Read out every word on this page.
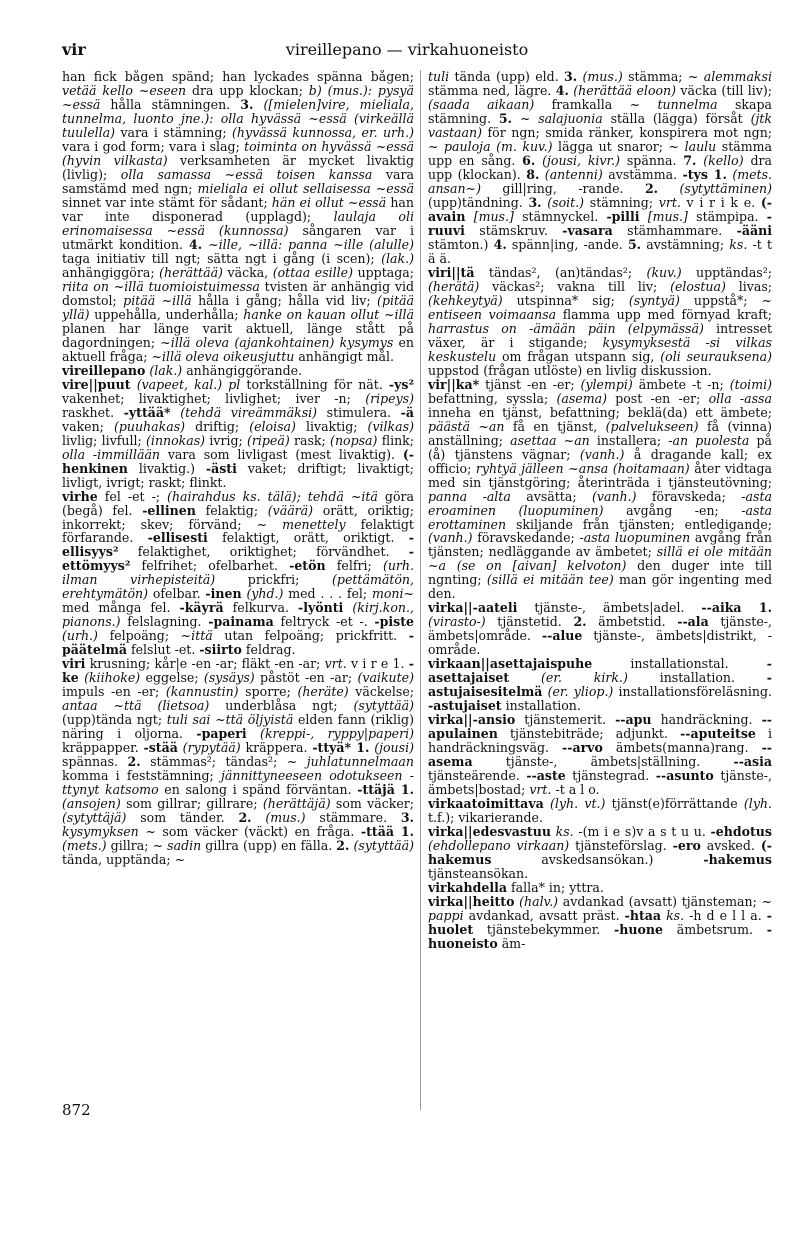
vir	vireillepano — virkahuoneisto

han fick bågen spänd; han lyckades spänna bågen; vetää kello ~eseen dra upp klockan; b) (mus.): pysyä ~essä hålla stämningen. 3. ([mielen]vire, mieliala, tunnelma, luonto jne.): olla hyvässä ~essä (virkeällä tuulella) vara i stämning; (hyvässä kunnossa, er. urh.) vara i god form; vara i slag; toiminta on hyvässä ~essä (hyvin vilkasta) verksamheten är mycket livaktig (livlig); olla samassa ~essä toisen kanssa vara samstämd med ngn; mieliala ei ollut sellaisessa ~essä sinnet var inte stämt för sådant; hän ei ollut ~essä han var inte disponerad (upplagd); laulaja oli erinomaisessa ~essä (kunnossa) sångaren var i utmärkt kondition. 4. ~ille, ~illä: panna ~ille (alulle) taga initiativ till ngt; sätta ngt i gång (i scen); (lak.) anhängiggöra; (herättää) väcka, (ottaa esille) upptaga; riita on ~illä tuomioistuimessa tvisten är anhängig vid domstol; pitää ~illä hålla i gång; hålla vid liv; (pitää yllä) uppehålla, underhålla; hanke on kauan ollut ~illä planen har länge varit aktuell, länge stått på dagordningen; ~illä oleva (ajankohtainen) kysymys en aktuell fråga; ~illä oleva oikeusjuttu anhängigt mål.

vireillepano (lak.) anhängiggörande.

vire||puut (vapeet, kal.) pl torkställning för nät. -ys² vakenhet; livaktighet; livlighet; iver -n; (ripeys) raskhet. -yttää* (tehdä vireämmäksi) stimulera. -ä vaken; (puuhakas) driftig; (eloisa) livaktig; (vilkas) livlig; livfull; (innokas) ivrig; (ripeä) rask; (nopsa) flink; olla -immillään vara som livligast (mest livaktig). (-henkinen livaktig.) -ästi vaket; driftigt; livaktigt; livligt, ivrigt; raskt; flinkt.

virhe fel -et -; (hairahdus ks. tälä); tehdä ~itä göra (begå) fel. -ellinen felaktig; (väärä) orätt, oriktig; inkorrekt; skev; förvänd; ~ menettely felaktigt förfarande. -ellisesti felaktigt, orätt, oriktigt. -ellisyys² felaktighet, oriktighet; förvändhet. -ettömyys² felfrihet; ofelbarhet. -etön felfri; (urh. ilman virhepisteitä) prickfri; (pettämätön, erehtymätön) ofelbar. -inen (yhd.) med . . . fel; moni~ med många fel. -käyrä felkurva. -lyönti (kirj.kon., pianons.) felslagning. -painama feltryck -et -. -piste (urh.) felpoäng; ~ittä utan felpoäng; prickfritt. -päätelmä felslut -et. -siirto feldrag.

viri krusning; kår|e -en -ar; fläkt -en -ar; vrt. v i r e 1. -ke (kiihoke) eggelse; (sysäys) påstöt -en -ar; (vaikute) impuls -en -er; (kannustin) sporre; (heräte) väckelse; antaa ~ttä (lietsoa) underblåsa ngt; (sytyttää) (upp)tända ngt; tuli sai ~ttä öljyistä elden fann (riklig) näring i oljorna. -paperi (kreppi-, ryppy|paperi) kräppapper. -stää (rypytää) kräppera. -ttyä* 1. (jousi) spännas. 2. stämmas²; tändas²; ~ juhlatunnelmaan komma i feststämning; jännittyneeseen odotukseen -ttynyt katsomo en salong i spänd förväntan. -ttäjä 1. (ansojen) som gillrar; gillrare; (herättäjä) som väcker; (sytyttäjä) som tänder. 2. (mus.) stämmare. 3. kysymyksen ~ som väcker (väckt) en fråga. -ttää 1. (mets.) gillra; ~ sadin gillra (upp) en fälla. 2. (sytyttää) tända, upptända; ~

tuli tända (upp) eld. 3. (mus.) stämma; ~ alemmaksi stämma ned, lägre. 4. (herättää eloon) väcka (till liv); (saada aikaan) framkalla ~ tunnelma skapa stämning. 5. ~ salajuonia ställa (lägga) försåt (jtk vastaan) för ngn; smida ränker, konspirera mot ngn; ~ pauloja (m. kuv.) lägga ut snaror; ~ laulu stämma upp en sång. 6. (jousi, kivr.) spänna. 7. (kello) dra upp (klockan). 8. (antenni) avstämma. -tys 1. (mets. ansan~) gill|ring, -rande. 2. (sytyttäminen) (upp)tändning. 3. (soit.) stämning; vrt. v i r i k e. (-avain [mus.] stämnyckel. -pilli [mus.] stämpipa. -ruuvi stämskruv. -vasara stämhammare. -ääni stämton.) 4. spänn|ing, -ande. 5. avstämning; ks. -t t ä ä.

viri||tä tändas², (an)tändas²; (kuv.) upptändas²; (herätä) väckas²; vakna till liv; (elostua) livas; (kehkeytyä) utspinna* sig; (syntyä) uppstå*; ~ entiseen voimaansa flamma upp med förnyad kraft; harrastus on -ämään päin (elpymässä) intresset växer, är i stigande; kysymyksestä -si vilkas keskustelu om frågan utspann sig, (oli seurauksena) uppstod (frågan utlöste) en livlig diskussion.

vir||ka* tjänst -en -er; (ylempi) ämbete -t -n; (toimi) befattning, syssla; (asema) post -en -er; olla -assa inneha en tjänst, befattning; beklä(da) ett ämbete; päästä ~an få en tjänst, (palvelukseen) få (vinna) anställning; asettaa ~an installera; -an puolesta på (å) tjänstens vägnar; (vanh.) å dragande kall; ex officio; ryhtyä jälleen ~ansa (hoitamaan) åter vidtaga med sin tjänstgöring; återinträda i tjänsteutövning; panna -alta avsätta; (vanh.) föravskeda; -asta eroaminen (luopuminen) avgång -en; -asta erottaminen skiljande från tjänsten; entledigande; (vanh.) föravskedande; -asta luopuminen avgång från tjänsten; nedläggande av ämbetet; sillä ei ole mitään ~a (se on [aivan] kelvoton) den duger inte till ngnting; (sillä ei mitään tee) man gör ingenting med den.

virka||-aateli tjänste-, ämbets|adel. --aika 1. (virasto-) tjänstetid. 2. ämbetstid. --ala tjänste-, ämbets|område. --alue tjänste-, ämbets|distrikt, -område.

virkaan||asettajaispuhe installationstal. -asettajaiset	(er. kirk.) installation. -astujaisesitelmä (er. yliop.) installationsföreläsning. -astujaiset installation.

virka||-ansio tjänstemerit. --apu handräckning. --apulainen tjänstebiträde; adjunkt. --aputeitse i handräckningsväg. --arvo ämbets(manna)rang. --asema tjänste-, ämbets|ställning. --asia tjänsteärende. --aste tjänstegrad. --asunto tjänste-, ämbets|bostad; vrt. -t a l o.

virkaatoimittava (lyh. vt.) tjänst(e)förrättande (lyh. t.f.); vikarierande.

virka||edesvastuu ks. -(m i e s)v a s t u u. -ehdotus (ehdollepano virkaan) tjänsteförslag. -ero avsked. (-hakemus avskedsansökan.) -hakemus tjänsteansökan.

virkahdella falla* in; yttra.

virka||heitto (halv.) avdankad (avsatt) tjänsteman; ~ pappi avdankad, avsatt präst. -htaa ks. -h d e l l a. -huolet tjänstebekymmer. -huone ämbetsrum. -huoneisto äm-

872
